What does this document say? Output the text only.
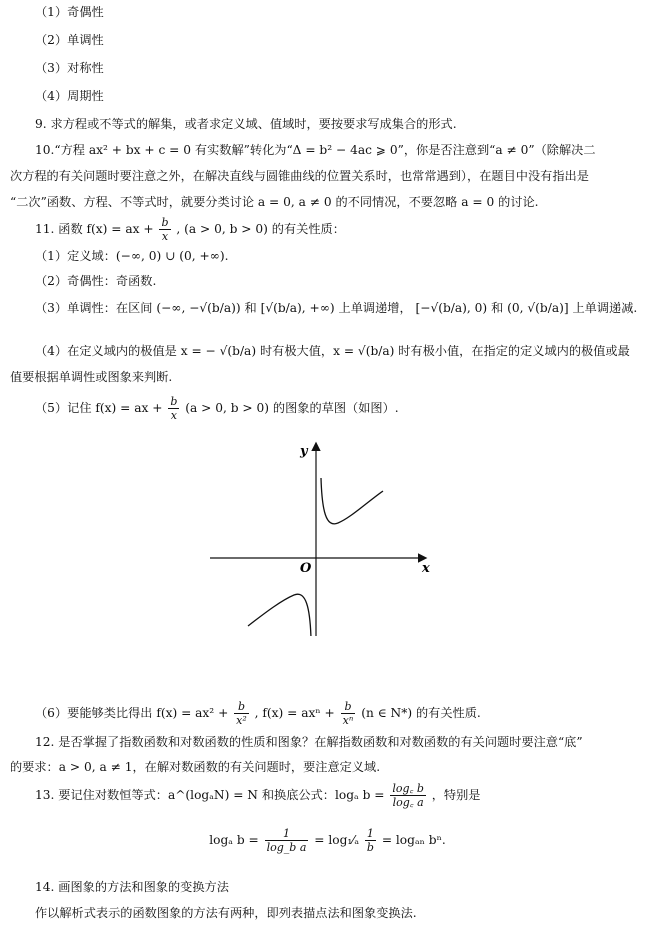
（1）奇偶性
（2）单调性
（3）对称性
（4）周期性
9. 求方程或不等式的解集，或者求定义域、值域时，要按要求写成集合的形式.
10.“方程 ax² + bx + c = 0 有实数解”转化为“Δ = b² − 4ac ⩾ 0”，你是否注意到“a ≠ 0”（除解决二
次方程的有关问题时要注意之外，在解决直线与圆锥曲线的位置关系时，也常常遇到），在题目中没有指出是
“二次”函数、方程、不等式时，就要分类讨论 a = 0, a ≠ 0 的不同情况，不要忽略 a = 0 的讨论.
11. 函数 f(x) = ax + $\frac{b}{x}$ , (a > 0, b > 0) 的有关性质：
（1）定义域：(−∞, 0) ∪ (0, +∞).
（2）奇偶性：奇函数.
（3）单调性：在区间 (−∞, −√(b/a)) 和 [√(b/a), +∞) 上单调递增， [−√(b/a), 0) 和 (0, √(b/a)] 上单调递减.
（4）在定义域内的极值是 x = − √(b/a) 时有极大值，x = √(b/a) 时有极小值，在指定的定义域内的极值或最
值要根据单调性或图象来判断.
（5）记住 f(x) = ax + $\frac{b}{x} (a > 0$, b > 0) 的图象的草图（如图）.
y
x
O
（6）要能够类比得出 $f(x) = ax^2 + \frac{b}{\text{x²}}$ , $f(x) = ax^n + \frac{b}{\text{xⁿ}} (n$ ∈ N*) 的有关性质.
12. 是否掌握了指数函数和对数函数的性质和图象？在解指数函数和对数函数的有关问题时要注意“底”
的要求：a > 0, a ≠ 1，在解对数函数的有关问题时，要注意定义域.
13. 要记住对数恒等式：a^(logₐN) = N 和换底公式：logₐ $b = \frac{\log꜀ b}{\log꜀ a}$ ，特别是
logₐ $b = \frac{1}{\text{log\_b a}}$ = log₁⁄ₐ $\frac{1}{b} = \log_{an}$ bⁿ.
14. 画图象的方法和图象的变换方法
作以解析式表示的函数图象的方法有两种，即列表描点法和图象变换法.
